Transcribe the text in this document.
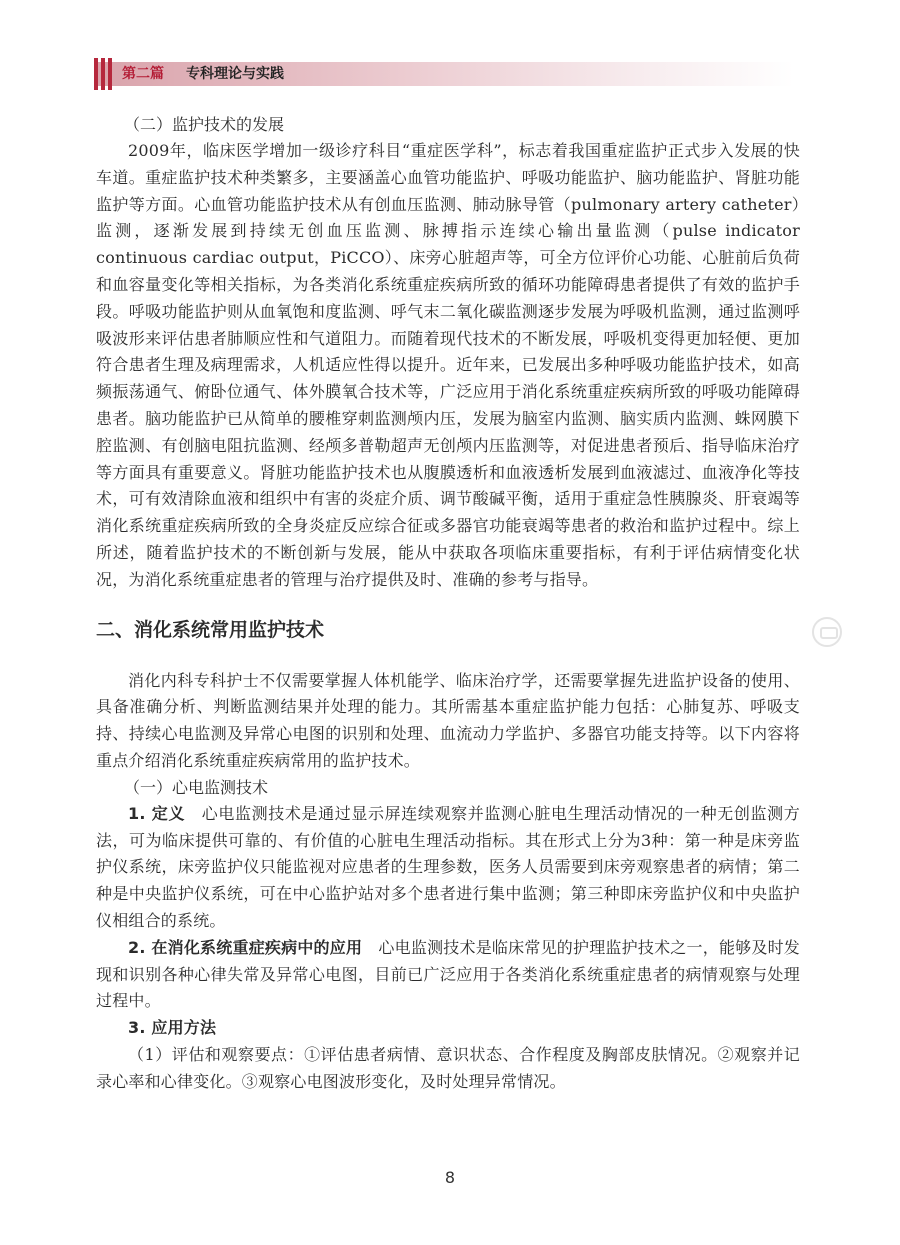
第二篇 专科理论与实践

（二）监护技术的发展

2009年，临床医学增加一级诊疗科目“重症医学科”，标志着我国重症监护正式步入发展的快车道。重症监护技术种类繁多，主要涵盖心血管功能监护、呼吸功能监护、脑功能监护、肾脏功能监护等方面。心血管功能监护技术从有创血压监测、肺动脉导管（pulmonary artery catheter）监测，逐渐发展到持续无创血压监测、脉搏指示连续心输出量监测（pulse indicator continuous cardiac output，PiCCO）、床旁心脏超声等，可全方位评价心功能、心脏前后负荷和血容量变化等相关指标，为各类消化系统重症疾病所致的循环功能障碍患者提供了有效的监护手段。呼吸功能监护则从血氧饱和度监测、呼气末二氧化碳监测逐步发展为呼吸机监测，通过监测呼吸波形来评估患者肺顺应性和气道阻力。而随着现代技术的不断发展，呼吸机变得更加轻便、更加符合患者生理及病理需求，人机适应性得以提升。近年来，已发展出多种呼吸功能监护技术，如高频振荡通气、俯卧位通气、体外膜氧合技术等，广泛应用于消化系统重症疾病所致的呼吸功能障碍患者。脑功能监护已从简单的腰椎穿刺监测颅内压，发展为脑室内监测、脑实质内监测、蛛网膜下腔监测、有创脑电阻抗监测、经颅多普勒超声无创颅内压监测等，对促进患者预后、指导临床治疗等方面具有重要意义。肾脏功能监护技术也从腹膜透析和血液透析发展到血液滤过、血液净化等技术，可有效清除血液和组织中有害的炎症介质、调节酸碱平衡，适用于重症急性胰腺炎、肝衰竭等消化系统重症疾病所致的全身炎症反应综合征或多器官功能衰竭等患者的救治和监护过程中。综上所述，随着监护技术的不断创新与发展，能从中获取各项临床重要指标，有利于评估病情变化状况，为消化系统重症患者的管理与治疗提供及时、准确的参考与指导。

二、消化系统常用监护技术

消化内科专科护士不仅需要掌握人体机能学、临床治疗学，还需要掌握先进监护设备的使用、具备准确分析、判断监测结果并处理的能力。其所需基本重症监护能力包括：心肺复苏、呼吸支持、持续心电监测及异常心电图的识别和处理、血流动力学监护、多器官功能支持等。以下内容将重点介绍消化系统重症疾病常用的监护技术。

（一）心电监测技术

1. 定义　 心电监测技术是通过显示屏连续观察并监测心脏电生理活动情况的一种无创监测方法，可为临床提供可靠的、有价值的心脏电生理活动指标。其在形式上分为3种：第一种是床旁监护仪系统，床旁监护仪只能监视对应患者的生理参数，医务人员需要到床旁观察患者的病情；第二种是中央监护仪系统，可在中心监护站对多个患者进行集中监测；第三种即床旁监护仪和中央监护仪相组合的系统。

2. 在消化系统重症疾病中的应用　 心电监测技术是临床常见的护理监护技术之一，能够及时发现和识别各种心律失常及异常心电图，目前已广泛应用于各类消化系统重症患者的病情观察与处理过程中。

3. 应用方法

（1）评估和观察要点：①评估患者病情、意识状态、合作程度及胸部皮肤情况。②观察并记录心率和心律变化。③观察心电图波形变化，及时处理异常情况。

8
